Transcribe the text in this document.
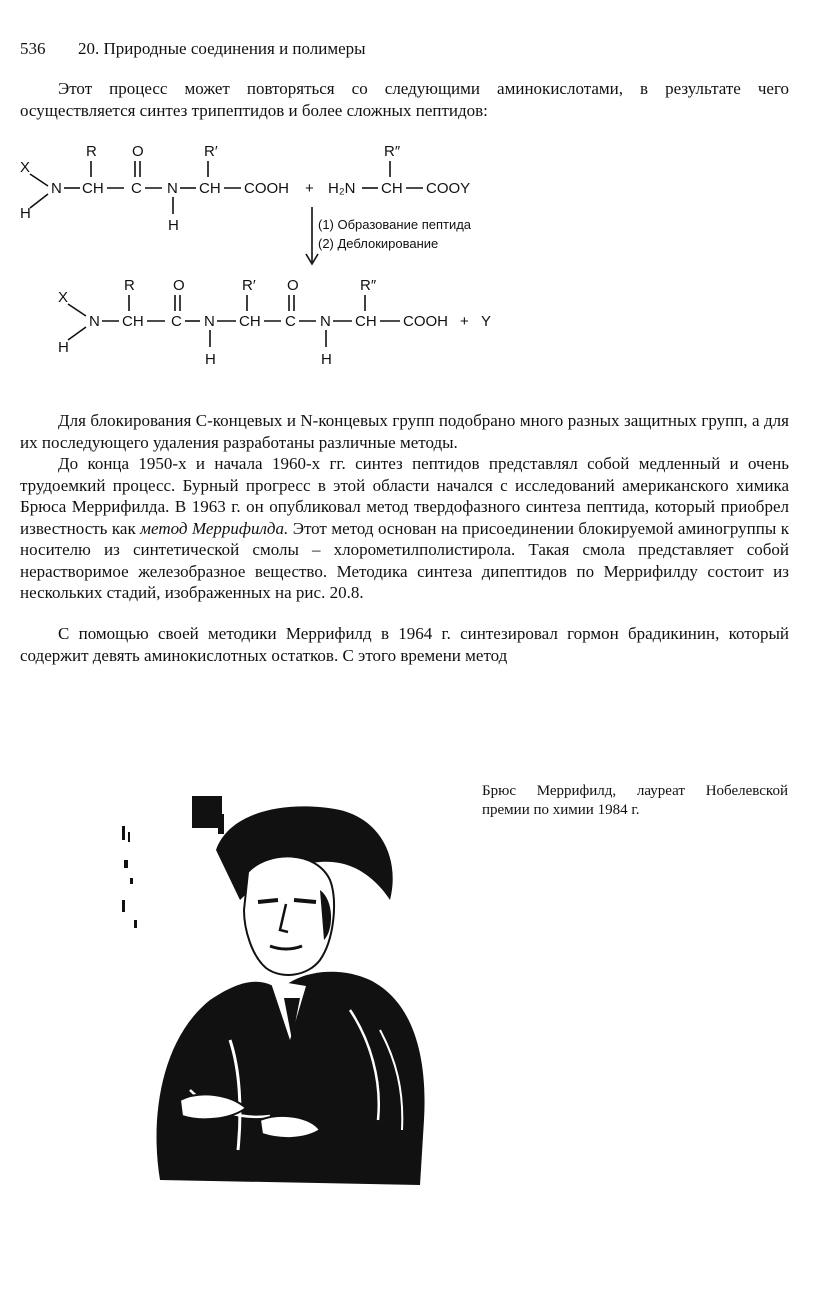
536 20. Природные соединения и полимеры

Этот процесс может повторяться со следующими аминокислотами, в результате чего осуществляется синтез трипептидов и более сложных пептидов:

R O	R′	R″
X
N CH C N CH COOH + H₂N CH COOY
H
H	(1) Образование пептида
(2) Деблокирование
R	O	R′ O	R″
X
N CH C N CH C N CH COOH + Y
H
H	H

Для блокирования С-концевых и N-концевых групп подобрано много разных защитных групп, а для их последующего удаления разработаны различные методы.

До конца 1950-х и начала 1960-х гг. синтез пептидов представлял собой медленный и очень трудоемкий процесс. Бурный прогресс в этой области начался с исследований американского химика Брюса Меррифилда. В 1963 г. он опубликовал метод твердофазного синтеза пептида, который приобрел известность как метод Меррифилда. Этот метод основан на присоединении блокируемой аминогруппы к носителю из синтетической смолы – хлорометилполистирола. Такая смола представляет собой нерастворимое железобразное вещество. Методика синтеза дипептидов по Меррифилду состоит из нескольких стадий, изображенных на рис. 20.8.

С помощью своей методики Меррифилд в 1964 г. синтезировал гормон брадикинин, который содержит девять аминокислотных остатков. С этого времени метод

Брюс Меррифилд, лауреат Нобелевской премии по химии 1984 г.
